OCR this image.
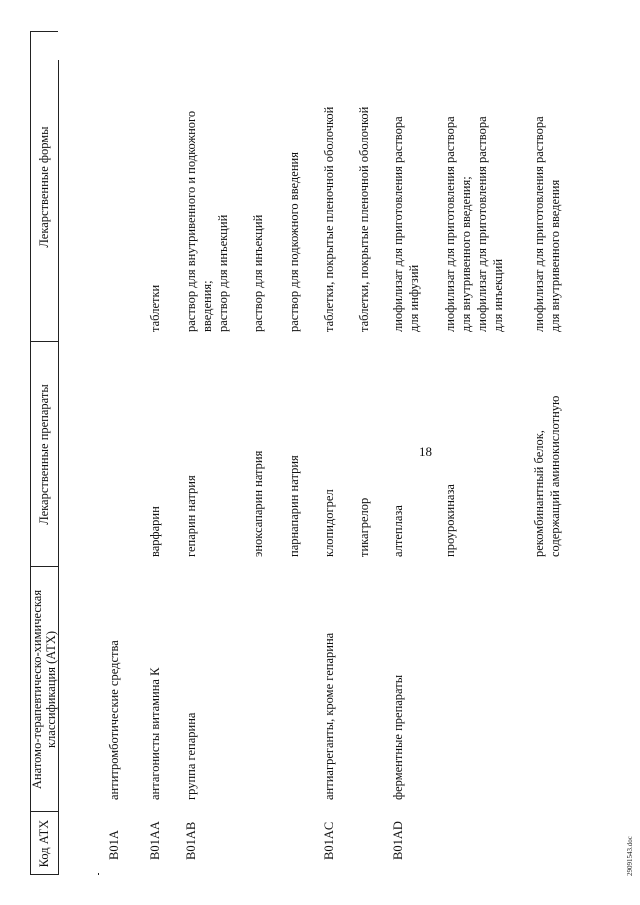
18
Код АТХ
Анатомо-терапевтическо-химическая классификация (АТХ)
Лекарственные препараты
Лекарственные формы
B01A
антитромботические средства
B01AA
антагонисты витамина К
варфарин
таблетки
B01AB
группа гепарина
гепарин натрия
раствор для внутривенного и подкожного введения; раствор для инъекций
эноксапарин натрия
раствор для инъекций
парнапарин натрия
раствор для подкожного введения
B01AC
антиагреганты, кроме гепарина
клопидогрел
таблетки, покрытые пленочной оболочкой
тикагрелор
таблетки, покрытые пленочной оболочкой
B01AD
ферментные препараты
алтеплаза
лиофилизат для приготовления раствора для инфузий
проурокиназа
лиофилизат для приготовления раствора для внутривенного введения; лиофилизат для приготовления раствора для инъекций
рекомбинантный белок, содержащий аминокислотную
лиофилизат для приготовления раствора для внутривенного введения
29091543.doc
